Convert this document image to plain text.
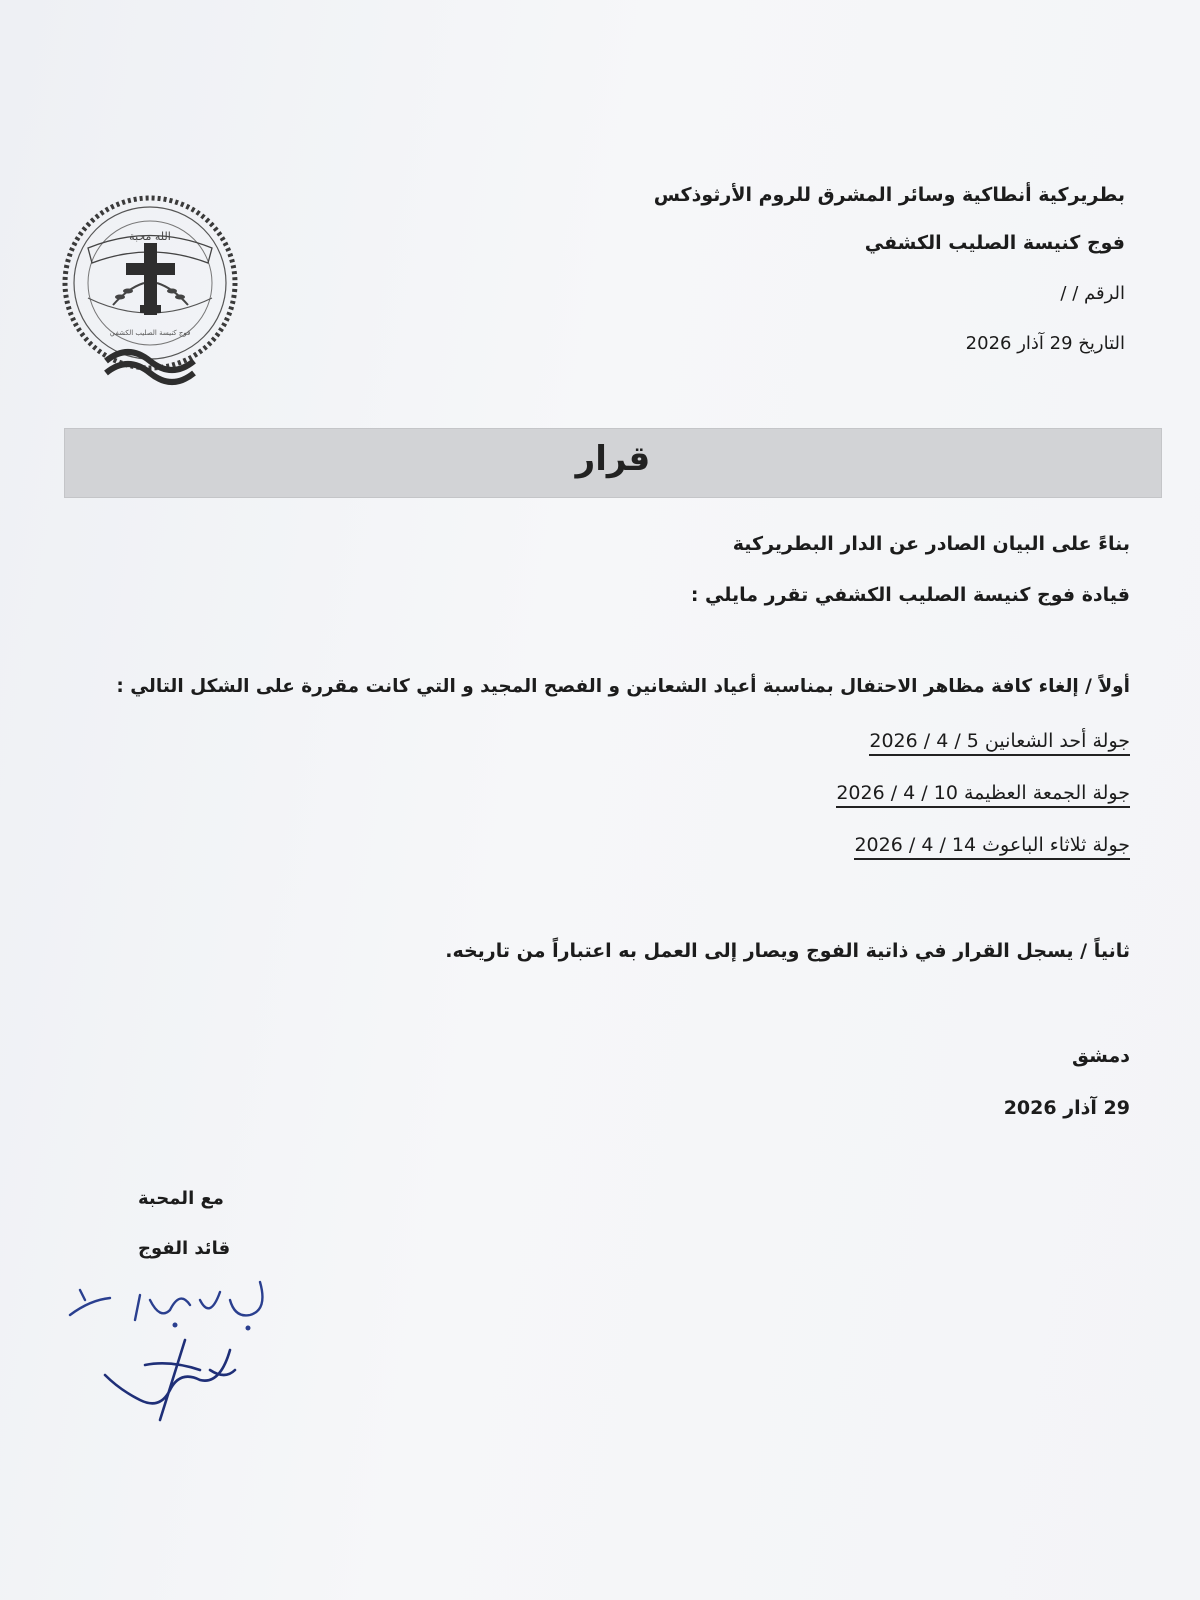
الله محبة
فوج كنيسة الصليب الكشفي

بطريركية أنطاكية وسائر المشرق للروم الأرثوذكس

فوج كنيسة الصليب الكشفي

الرقم / /

التاريخ 29 آذار 2026

قرار

بناءً على البيان الصادر عن الدار البطريركية

قيادة فوج كنيسة الصليب الكشفي تقرر مايلي :

أولاً / إلغاء كافة مظاهر الاحتفال بمناسبة أعياد الشعانين و الفصح المجيد و التي كانت مقررة على الشكل التالي :

جولة أحد الشعانين 5 / 4 / 2026

جولة الجمعة العظيمة 10 / 4 / 2026

جولة ثلاثاء الباعوث 14 / 4 / 2026

ثانياً / يسجل القرار في ذاتية الفوج ويصار إلى العمل به اعتباراً من تاريخه.

دمشق

29 آذار 2026

مع المحبة

قائد الفوج
